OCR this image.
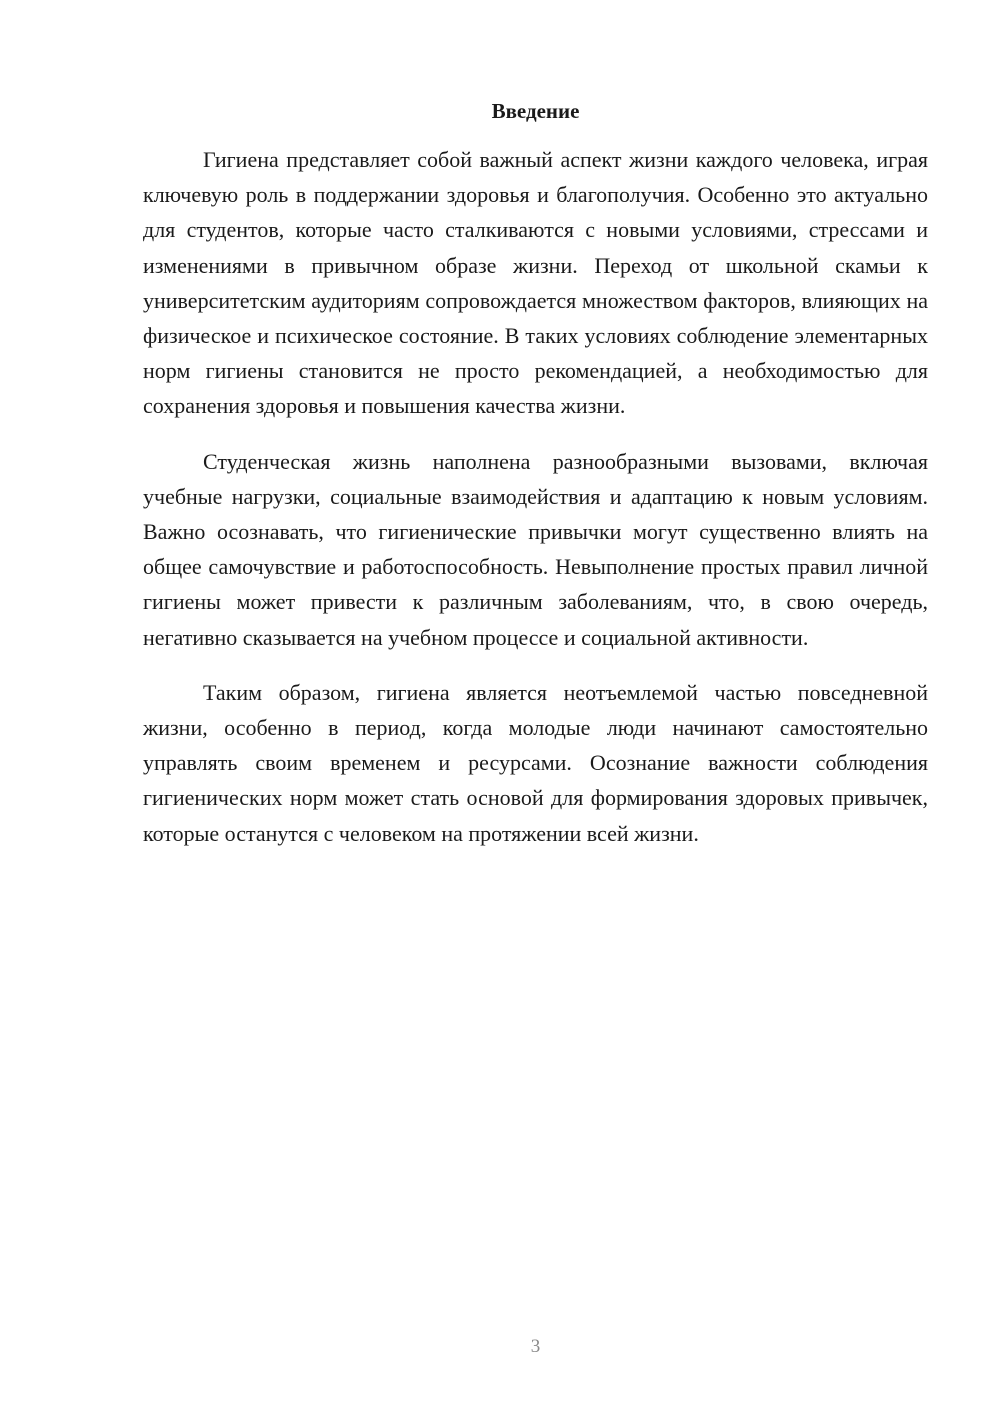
Введение

Гигиена представляет собой важный аспект жизни каждого человека, играя ключевую роль в поддержании здоровья и благополучия. Особенно это актуально для студентов, которые часто сталкиваются с новыми условиями, стрессами и изменениями в привычном образе жизни. Переход от школьной скамьи к университетским аудиториям сопровождается множеством факторов, влияющих на физическое и психическое состояние. В таких условиях соблюдение элементарных норм гигиены становится не просто рекомендацией, а необходимостью для сохранения здоровья и повышения качества жизни.

Студенческая жизнь наполнена разнообразными вызовами, включая учебные нагрузки, социальные взаимодействия и адаптацию к новым условиям. Важно осознавать, что гигиенические привычки могут существенно влиять на общее самочувствие и работоспособность. Невыполнение простых правил личной гигиены может привести к различным заболеваниям, что, в свою очередь, негативно сказывается на учебном процессе и социальной активности.

Таким образом, гигиена является неотъемлемой частью повседневной жизни, особенно в период, когда молодые люди начинают самостоятельно управлять своим временем и ресурсами. Осознание важности соблюдения гигиенических норм может стать основой для формирования здоровых привычек, которые останутся с человеком на протяжении всей жизни.

3
